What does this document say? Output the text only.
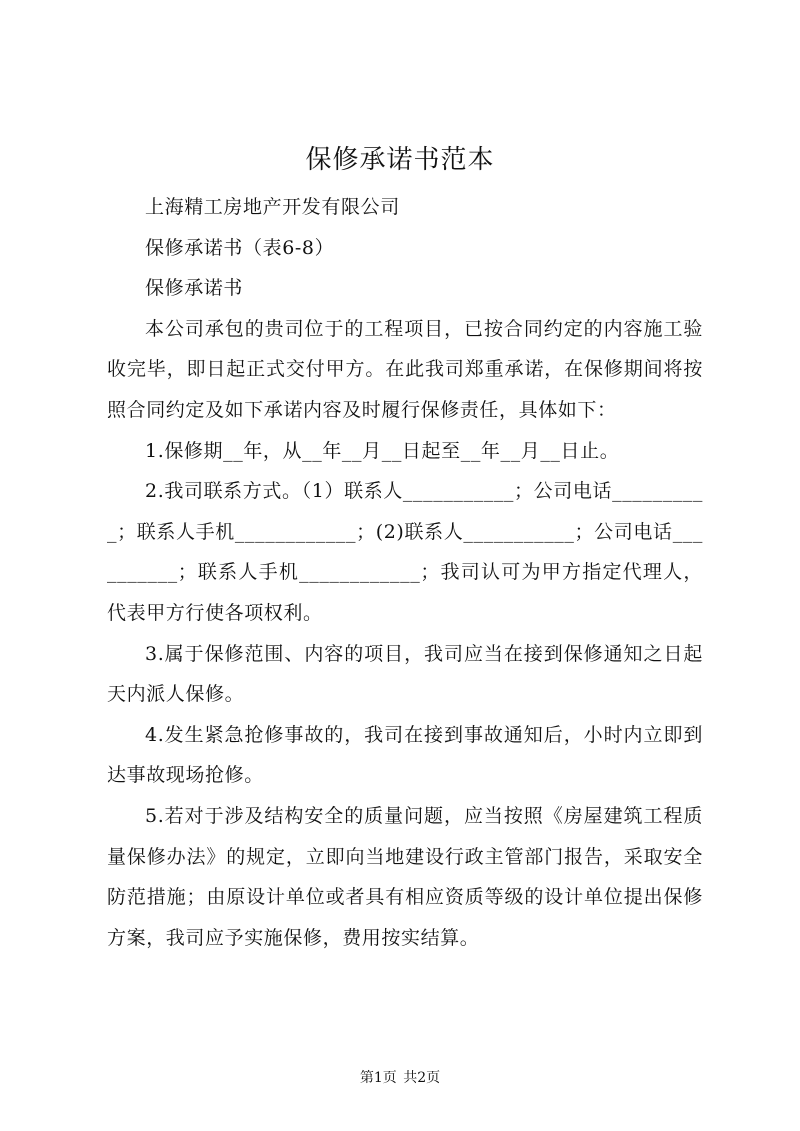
保修承诺书范本

上海精工房地产开发有限公司

保修承诺书（表6-8）

保修承诺书

本公司承包的贵司位于的工程项目，已按合同约定的内容施工验收完毕，即日起正式交付甲方。在此我司郑重承诺，在保修期间将按照合同约定及如下承诺内容及时履行保修责任，具体如下：

1.保修期__年，从__年__月__日起至__年__月__日止。

2.我司联系方式。（1）联系人___________；公司电话__________；联系人手机____________；(2)联系人___________；公司电话__________；联系人手机____________；我司认可为甲方指定代理人，代表甲方行使各项权利。

3.属于保修范围、内容的项目，我司应当在接到保修通知之日起天内派人保修。

4.发生紧急抢修事故的，我司在接到事故通知后，小时内立即到达事故现场抢修。

5.若对于涉及结构安全的质量问题，应当按照《房屋建筑工程质量保修办法》的规定，立即向当地建设行政主管部门报告，采取安全防范措施；由原设计单位或者具有相应资质等级的设计单位提出保修方案，我司应予实施保修，费用按实结算。

第1页 共2页
